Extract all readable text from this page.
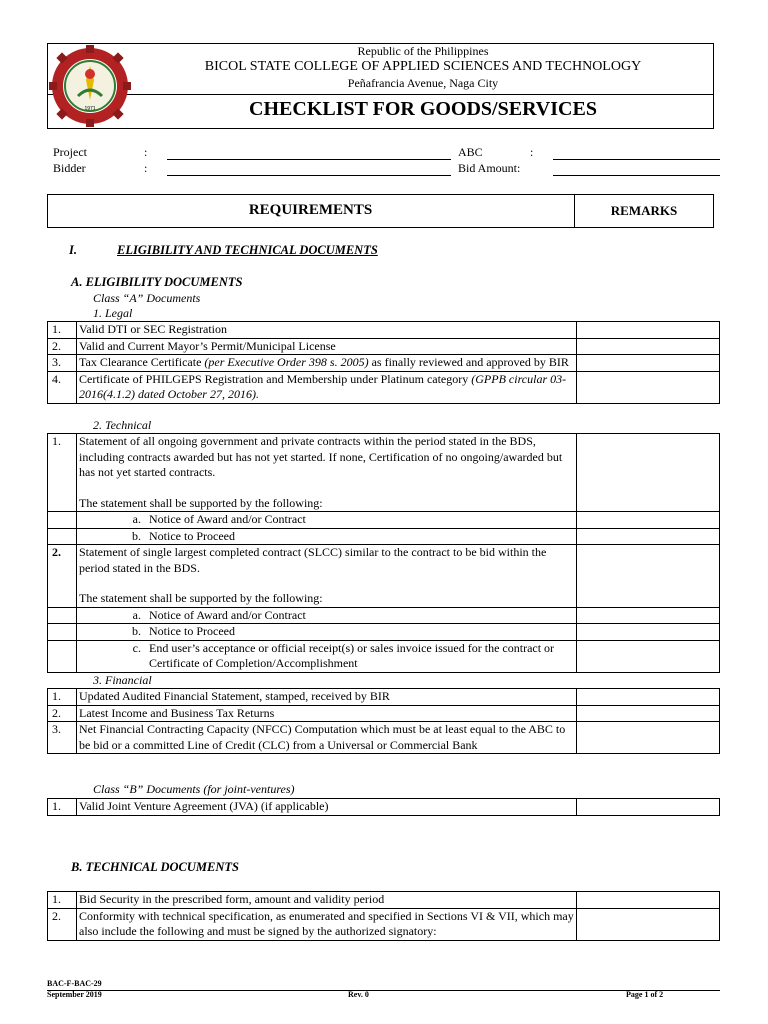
1971
Republic of the Philippines
BICOL STATE COLLEGE OF APPLIED SCIENCES AND TECHNOLOGY
Peñafrancia Avenue, Naga City
CHECKLIST FOR GOODS/SERVICES
Project	:	ABC	:
Bidder	:	Bid Amount:
REQUIREMENTS	REMARKS
I.	ELIGIBILITY AND TECHNICAL DOCUMENTS
A. ELIGIBILITY DOCUMENTS
Class “A” Documents
1. Legal
1.	Valid DTI or SEC Registration	
2.	Valid and Current Mayor’s Permit/Municipal License	
3.	Tax Clearance Certificate (per Executive Order 398 s. 2005) as finally reviewed and approved by BIR	
4.	Certificate of PHILGEPS Registration and Membership under Platinum category (GPPB circular 03-2016(4.1.2) dated October 27, 2016).	
2. Technical
1.	Statement of all ongoing government and private contracts within the period stated in the BDS, including contracts awarded but has not yet started. If none, Certification of no ongoing/awarded but has not yet started contracts.
The statement shall be supported by the following:	

	a. Notice of Award and/or Contract	

	b. Notice to Proceed	

2.	Statement of single largest completed contract (SLCC) similar to the contract to be bid within the period stated in the BDS.
The statement shall be supported by the following:	

	a. Notice of Award and/or Contract	

	b. Notice to Proceed	

	c. End user’s acceptance or official receipt(s) or sales invoice issued for the contract or Certificate of Completion/Accomplishment	

3. Financial
1.	Updated Audited Financial Statement, stamped, received by BIR	
2.	Latest Income and Business Tax Returns	
3.	Net Financial Contracting Capacity (NFCC) Computation which must be at least equal to the ABC to be bid or a committed Line of Credit (CLC) from a Universal or Commercial Bank	
Class “B” Documents (for joint-ventures)
1.	Valid Joint Venture Agreement (JVA) (if applicable)	
B. TECHNICAL DOCUMENTS
1.	Bid Security in the prescribed form, amount and validity period	
2.	Conformity with technical specification, as enumerated and specified in Sections VI & VII, which may also include the following and must be signed by the authorized signatory:	
BAC-F-BAC-29
September 2019	Rev. 0	Page 1 of 2
